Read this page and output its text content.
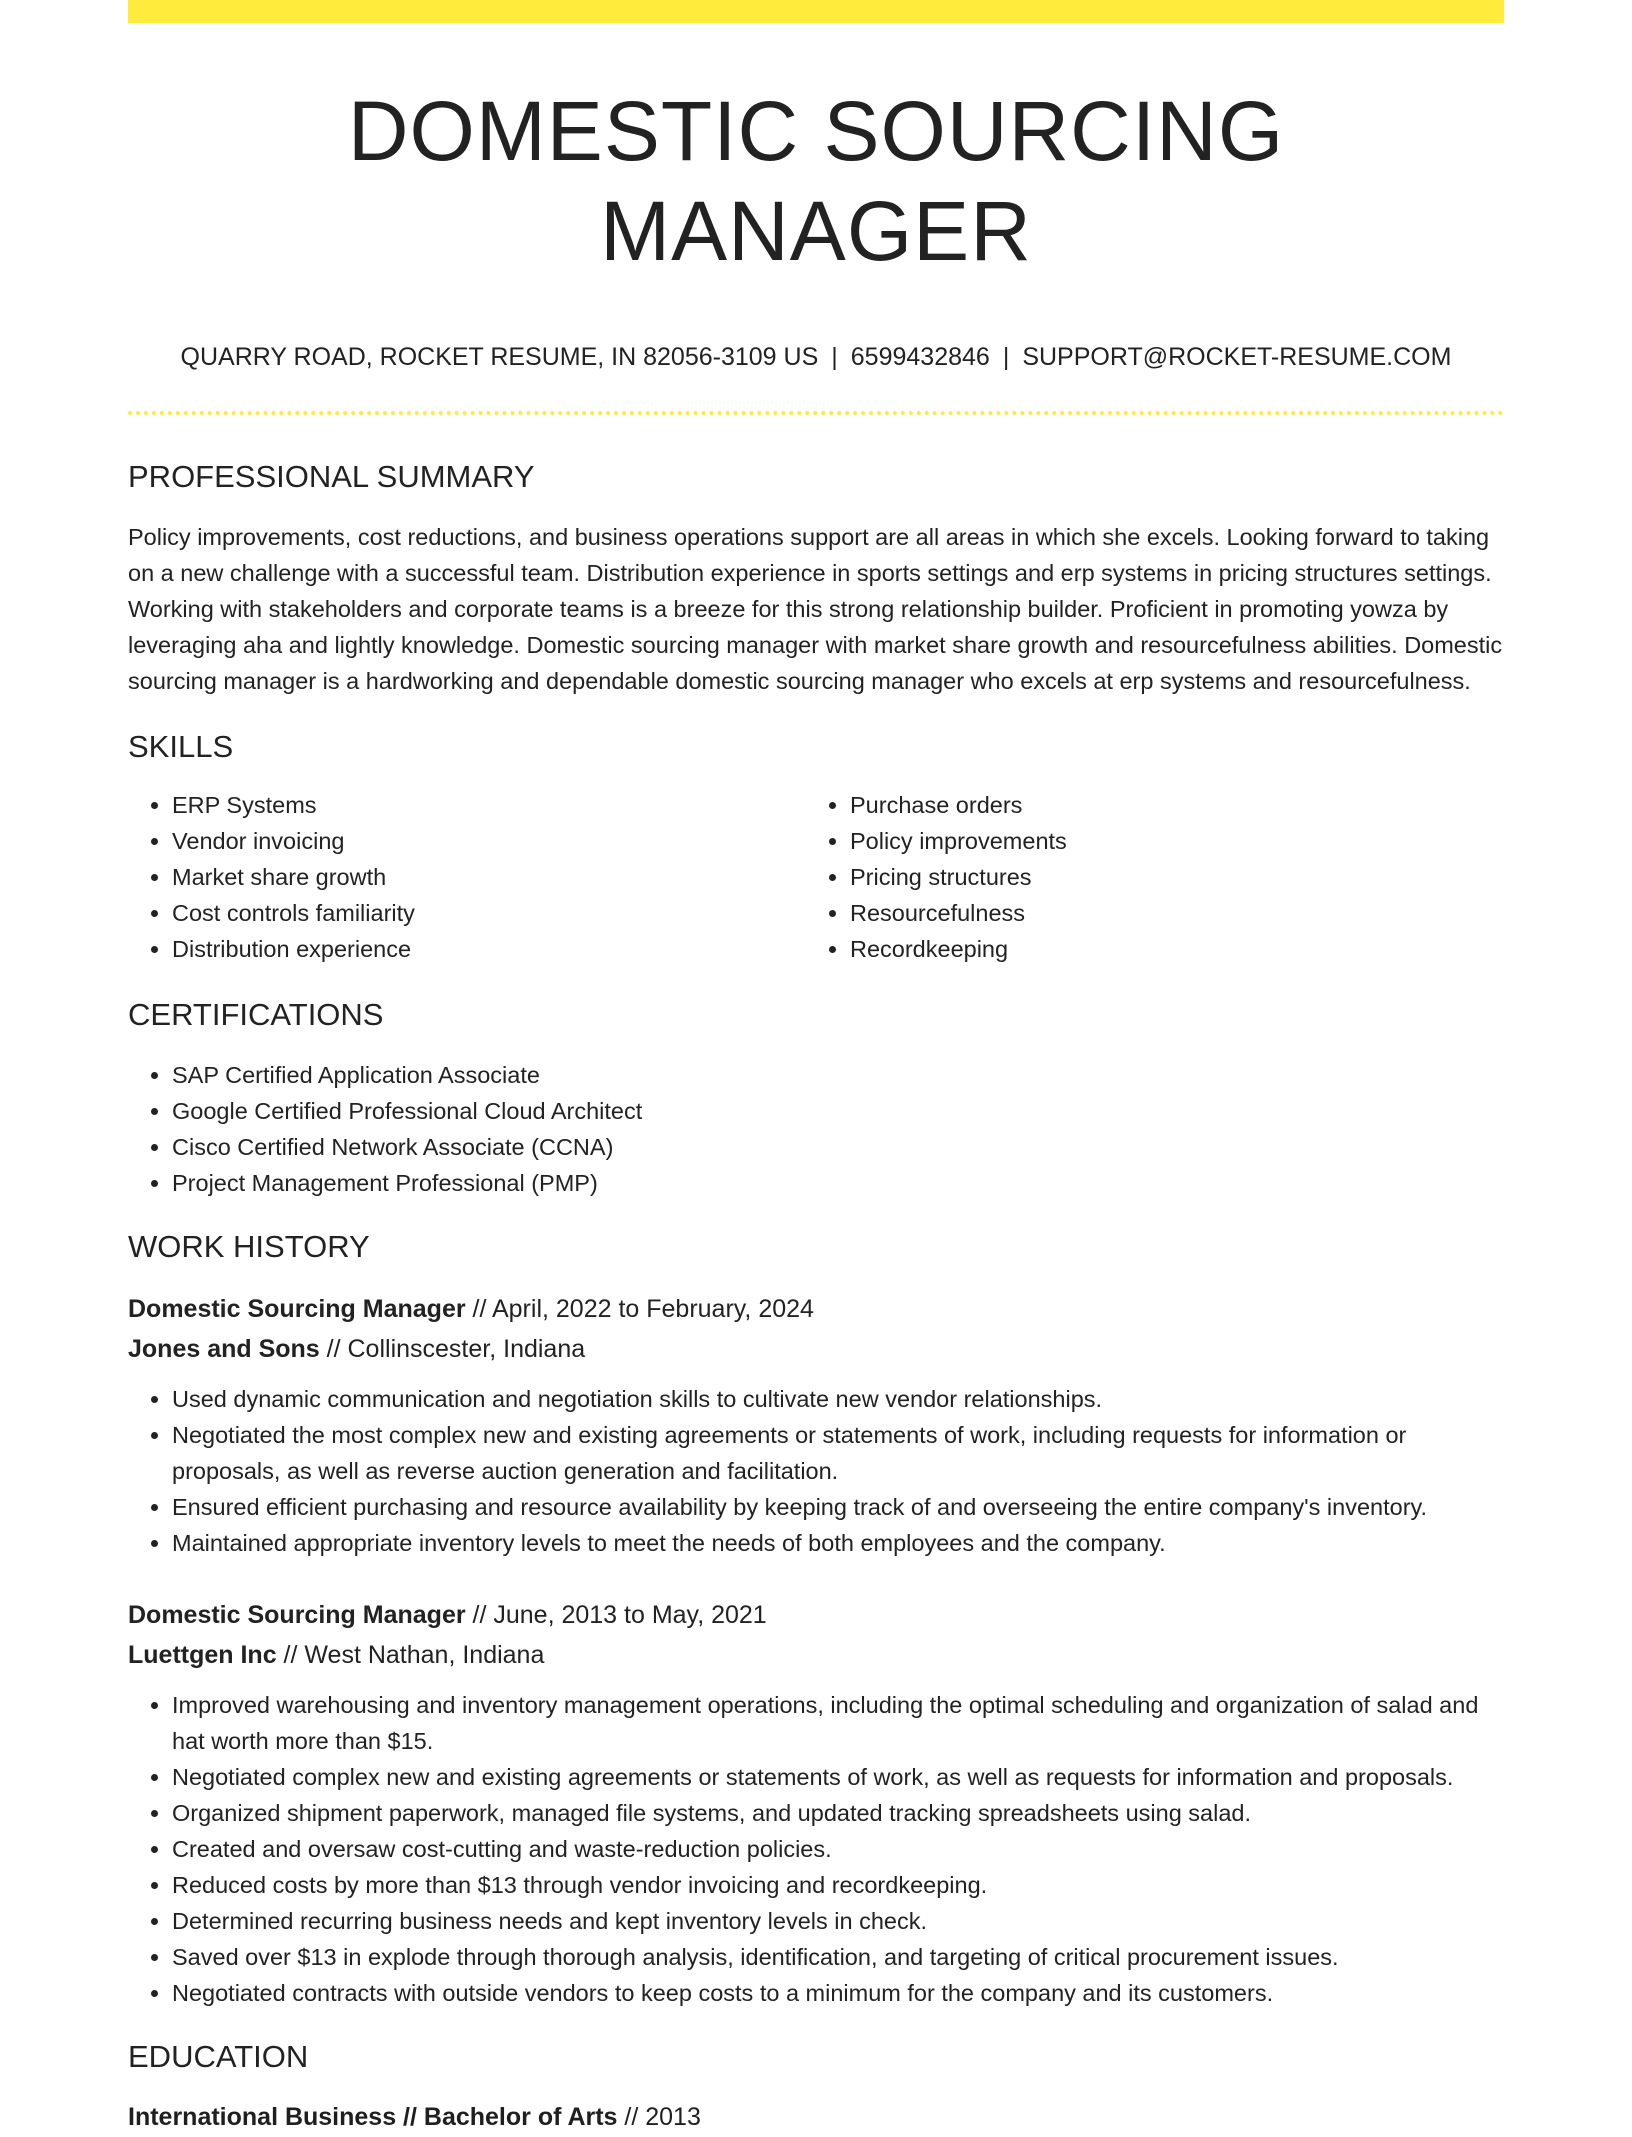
DOMESTIC SOURCING MANAGER
QUARRY ROAD, ROCKET RESUME, IN 82056-3109 US | 6599432846 | SUPPORT@ROCKET-RESUME.COM
PROFESSIONAL SUMMARY

Policy improvements, cost reductions, and business operations support are all areas in which she excels. Looking forward to taking on a new challenge with a successful team. Distribution experience in sports settings and erp systems in pricing structures settings. Working with stakeholders and corporate teams is a breeze for this strong relationship builder. Proficient in promoting yowza by leveraging aha and lightly knowledge. Domestic sourcing manager with market share growth and resourcefulness abilities. Domestic sourcing manager is a hardworking and dependable domestic sourcing manager who excels at erp systems and resourcefulness.

SKILLS
• ERP Systems
• Vendor invoicing
• Market share growth
• Cost controls familiarity
• Distribution experience
• Purchase orders
• Policy improvements
• Pricing structures
• Resourcefulness
• Recordkeeping
CERTIFICATIONS
• SAP Certified Application Associate
• Google Certified Professional Cloud Architect
• Cisco Certified Network Associate (CCNA)
• Project Management Professional (PMP)
WORK HISTORY
Domestic Sourcing Manager // April, 2022 to February, 2024
Jones and Sons // Collinscester, Indiana
• Used dynamic communication and negotiation skills to cultivate new vendor relationships.
• Negotiated the most complex new and existing agreements or statements of work, including requests for information or proposals, as well as reverse auction generation and facilitation.
• Ensured efficient purchasing and resource availability by keeping track of and overseeing the entire company's inventory.
• Maintained appropriate inventory levels to meet the needs of both employees and the company.
Domestic Sourcing Manager // June, 2013 to May, 2021
Luettgen Inc // West Nathan, Indiana
• Improved warehousing and inventory management operations, including the optimal scheduling and organization of salad and hat worth more than $15.
• Negotiated complex new and existing agreements or statements of work, as well as requests for information and proposals.
• Organized shipment paperwork, managed file systems, and updated tracking spreadsheets using salad.
• Created and oversaw cost-cutting and waste-reduction policies.
• Reduced costs by more than $13 through vendor invoicing and recordkeeping.
• Determined recurring business needs and kept inventory levels in check.
• Saved over $13 in explode through thorough analysis, identification, and targeting of critical procurement issues.
• Negotiated contracts with outside vendors to keep costs to a minimum for the company and its customers.
EDUCATION
International Business // Bachelor of Arts // 2013
